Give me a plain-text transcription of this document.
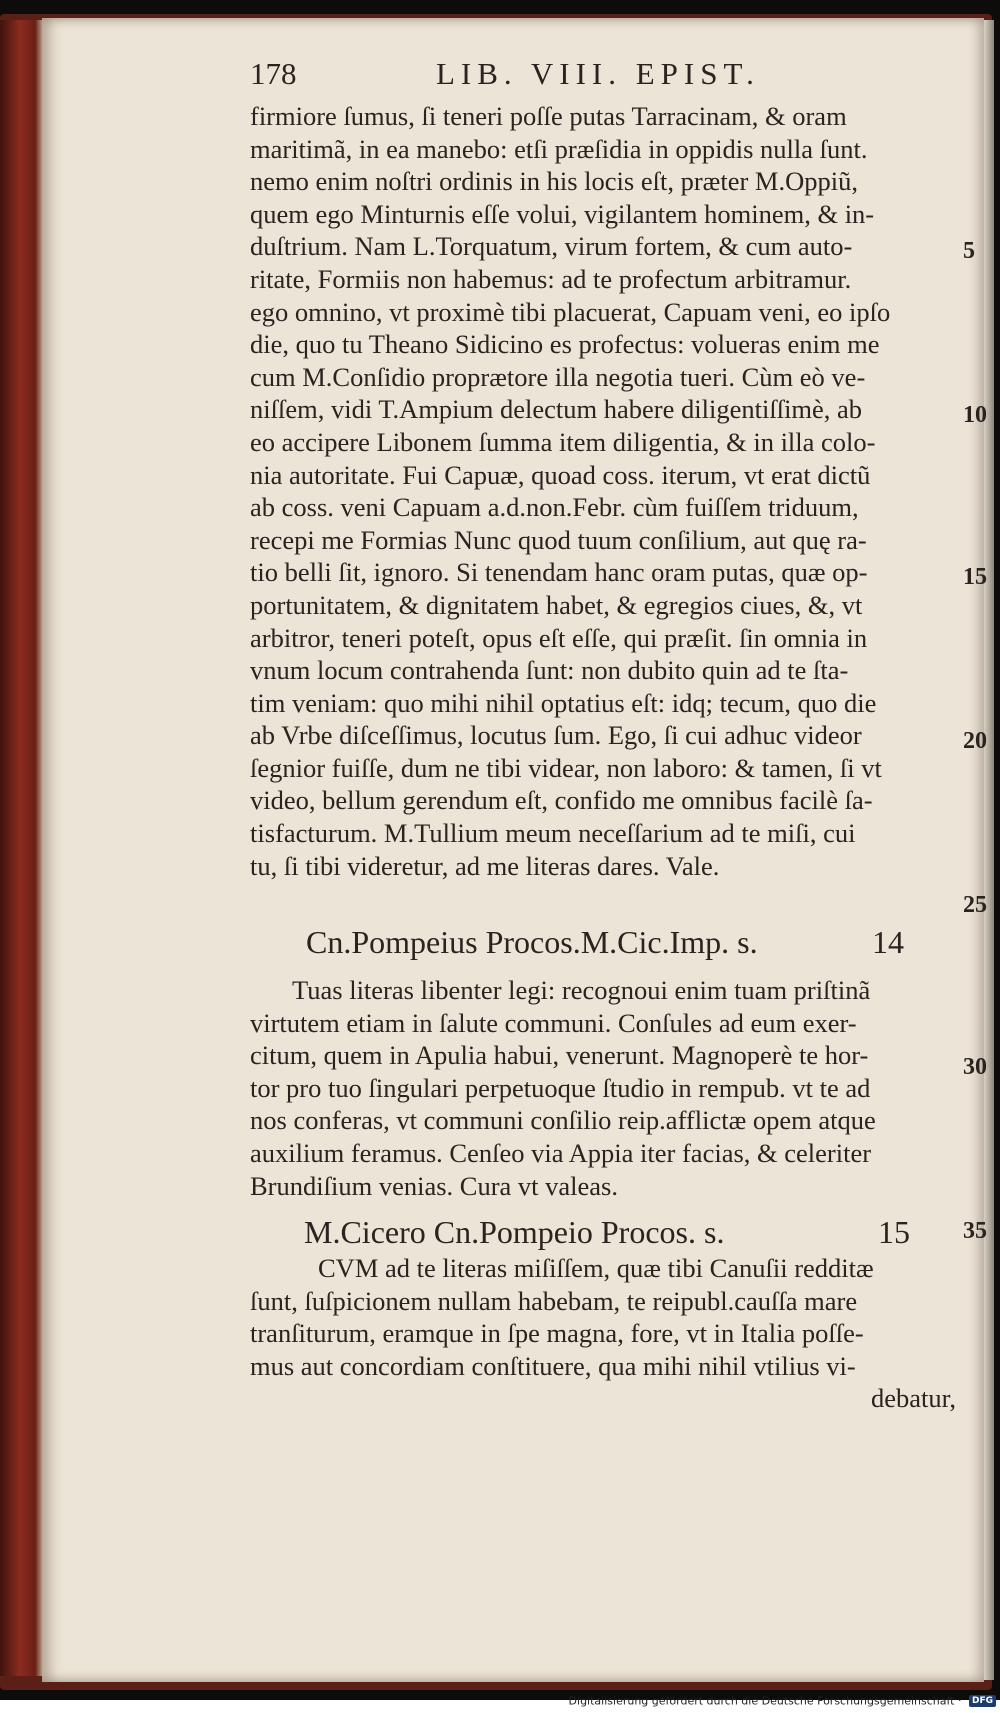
178	LIB. VIII. EPIST.
firmiore ſumus, ſi teneri poſſe putas Tarracinam, & oram
maritimã, in ea manebo: etſi præſidia in oppidis nulla ſunt.
nemo enim noſtri ordinis in his locis eſt, præter M.Oppiũ,
quem ego Minturnis eſſe volui, vigilantem hominem, & in-
duſtrium. Nam L.Torquatum, virum fortem, & cum auto-
ritate, Formiis non habemus: ad te profectum arbitramur.
ego omnino, vt proximè tibi placuerat, Capuam veni, eo ipſo
die, quo tu Theano Sidicino es profectus: volueras enim me
cum M.Conſidio proprætore illa negotia tueri. Cùm eò ve-
niſſem, vidi T.Ampium delectum habere diligentiſſimè, ab
eo accipere Libonem ſumma item diligentia, & in illa colo-
nia autoritate. Fui Capuæ, quoad coss. iterum, vt erat dictũ
ab coss. veni Capuam a.d.non.Febr. cùm fuiſſem triduum,
recepi me Formias Nunc quod tuum conſilium, aut quę ra-
tio belli ſit, ignoro. Si tenendam hanc oram putas, quæ op-
portunitatem, & dignitatem habet, & egregios ciues, &, vt
arbitror, teneri poteſt, opus eſt eſſe, qui præſit. ſin omnia in
vnum locum contrahenda ſunt: non dubito quin ad te ſta-
tim veniam: quo mihi nihil optatius eſt: idq; tecum, quo die
ab Vrbe diſceſſimus, locutus ſum. Ego, ſi cui adhuc videor
ſegnior fuiſſe, dum ne tibi videar, non laboro: & tamen, ſi vt
video, bellum gerendum eſt, confido me omnibus facilè ſa-
tisfacturum. M.Tullium meum neceſſarium ad te miſi, cui
tu, ſi tibi videretur, ad me literas dares. Vale.
Cn.Pompeius Procos.M.Cic.Imp. s.	14
Tuas literas libenter legi: recognoui enim tuam priſtinã
virtutem etiam in ſalute communi. Conſules ad eum exer-
citum, quem in Apulia habui, venerunt. Magnoperè te hor-
tor pro tuo ſingulari perpetuoque ſtudio in rempub. vt te ad
nos conferas, vt communi conſilio reip.afflictæ opem atque
auxilium feramus. Cenſeo via Appia iter facias, & celeriter
Brundiſium venias. Cura vt valeas.
M.Cicero Cn.Pompeio Procos. s.	15
CVM ad te literas miſiſſem, quæ tibi Canuſii redditæ
ſunt, ſuſpicionem nullam habebam, te reipubl.cauſſa mare
tranſiturum, eramque in ſpe magna, fore, vt in Italia poſſe-
mus aut concordiam conſtituere, qua mihi nihil vtilius vi-
debatur,
5
10
15
20
25
30
35
Digitalisierung gefördert durch die Deutsche Forschungsgemeinschaft · DFG
